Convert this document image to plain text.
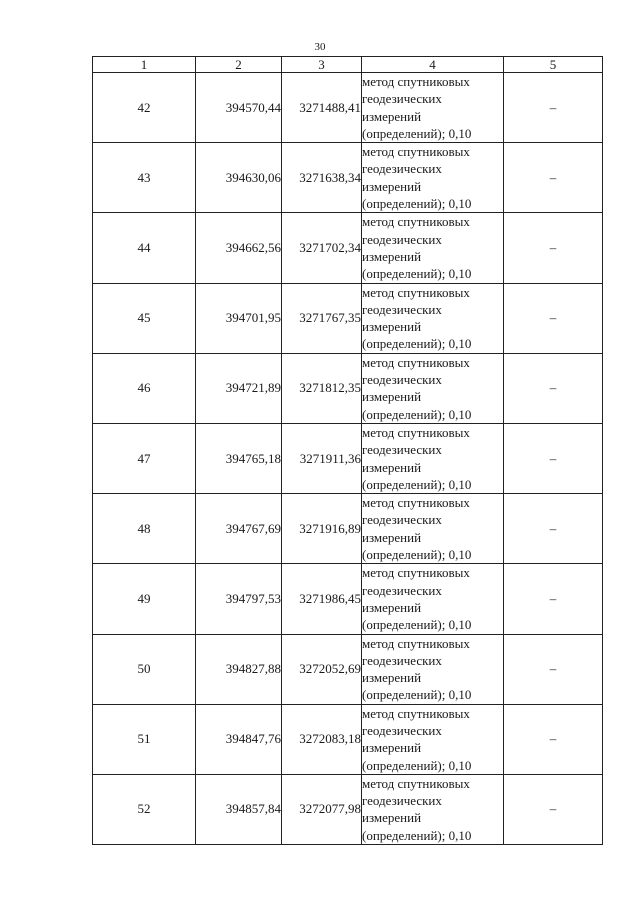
30
1	2	3	4	5
42	394570,44	3271488,41	метод спутниковых
геодезических
измерений
(определений); 0,10	–
43	394630,06	3271638,34	метод спутниковых
геодезических
измерений
(определений); 0,10	–
44	394662,56	3271702,34	метод спутниковых
геодезических
измерений
(определений); 0,10	–
45	394701,95	3271767,35	метод спутниковых
геодезических
измерений
(определений); 0,10	–
46	394721,89	3271812,35	метод спутниковых
геодезических
измерений
(определений); 0,10	–
47	394765,18	3271911,36	метод спутниковых
геодезических
измерений
(определений); 0,10	–
48	394767,69	3271916,89	метод спутниковых
геодезических
измерений
(определений); 0,10	–
49	394797,53	3271986,45	метод спутниковых
геодезических
измерений
(определений); 0,10	–
50	394827,88	3272052,69	метод спутниковых
геодезических
измерений
(определений); 0,10	–
51	394847,76	3272083,18	метод спутниковых
геодезических
измерений
(определений); 0,10	–
52	394857,84	3272077,98	метод спутниковых
геодезических
измерений
(определений); 0,10	–
